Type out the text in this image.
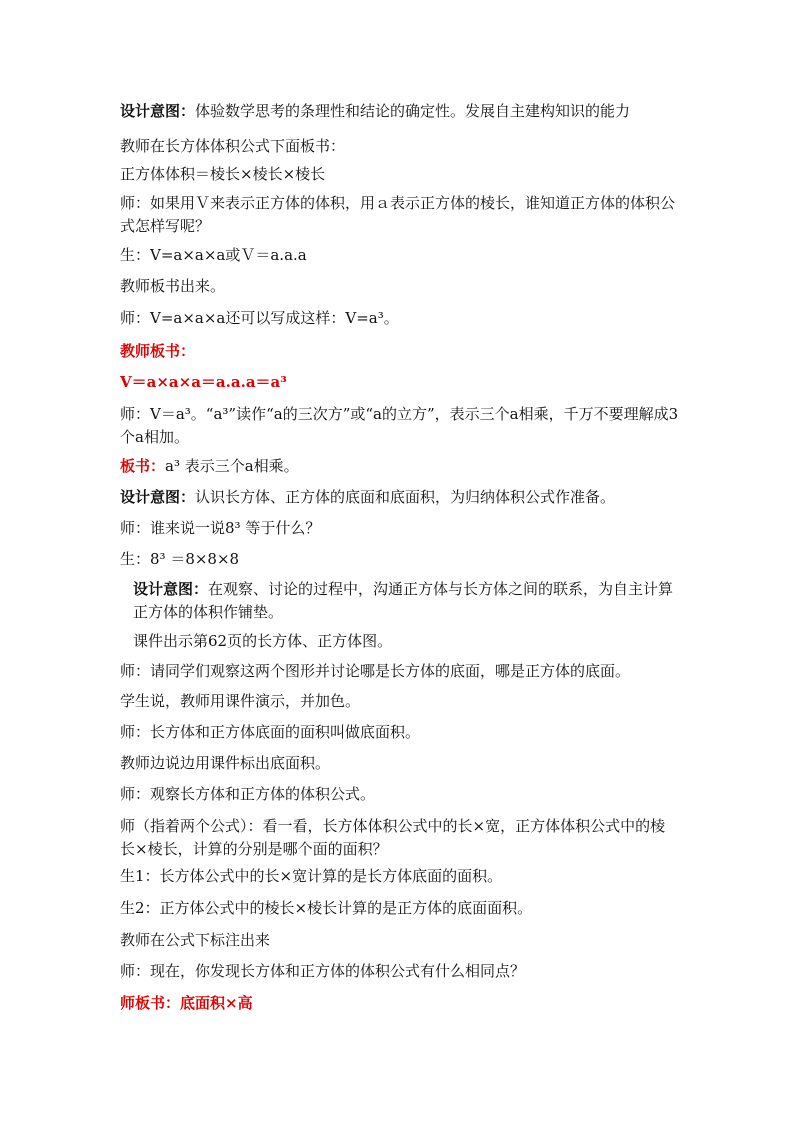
设计意图：体验数学思考的条理性和结论的确定性。发展自主建构知识的能力

教师在长方体体积公式下面板书：

正方体体积＝棱长×棱长×棱长

师：如果用Ｖ来表示正方体的体积，用ａ表示正方体的棱长，谁知道正方体的体积公式怎样写呢？

生：V=a×a×a或Ｖ＝a.a.a

教师板书出来。

师：V=a×a×a还可以写成这样：V=a³。

教师板书：

V＝a×a×a＝a.a.a＝a³

师：V＝a³。“a³”读作“a的三次方”或“a的立方”，表示三个a相乘，千万不要理解成3个a相加。

板书：a³ 表示三个a相乘。

设计意图：认识长方体、正方体的底面和底面积，为归纳体积公式作准备。

师：谁来说一说8³ 等于什么？

生：8³ ＝8×8×8

设计意图：在观察、讨论的过程中，沟通正方体与长方体之间的联系，为自主计算正方体的体积作铺垫。

课件出示第62页的长方体、正方体图。

师：请同学们观察这两个图形并讨论哪是长方体的底面，哪是正方体的底面。

学生说，教师用课件演示，并加色。

师：长方体和正方体底面的面积叫做底面积。

教师边说边用课件标出底面积。

师：观察长方体和正方体的体积公式。

师（指着两个公式）：看一看，长方体体积公式中的长×宽，正方体体积公式中的棱长×棱长，计算的分别是哪个面的面积？

生1：长方体公式中的长×宽计算的是长方体底面的面积。

生2：正方体公式中的棱长×棱长计算的是正方体的底面面积。

教师在公式下标注出来

师：现在，你发现长方体和正方体的体积公式有什么相同点？

师板书：底面积×高
